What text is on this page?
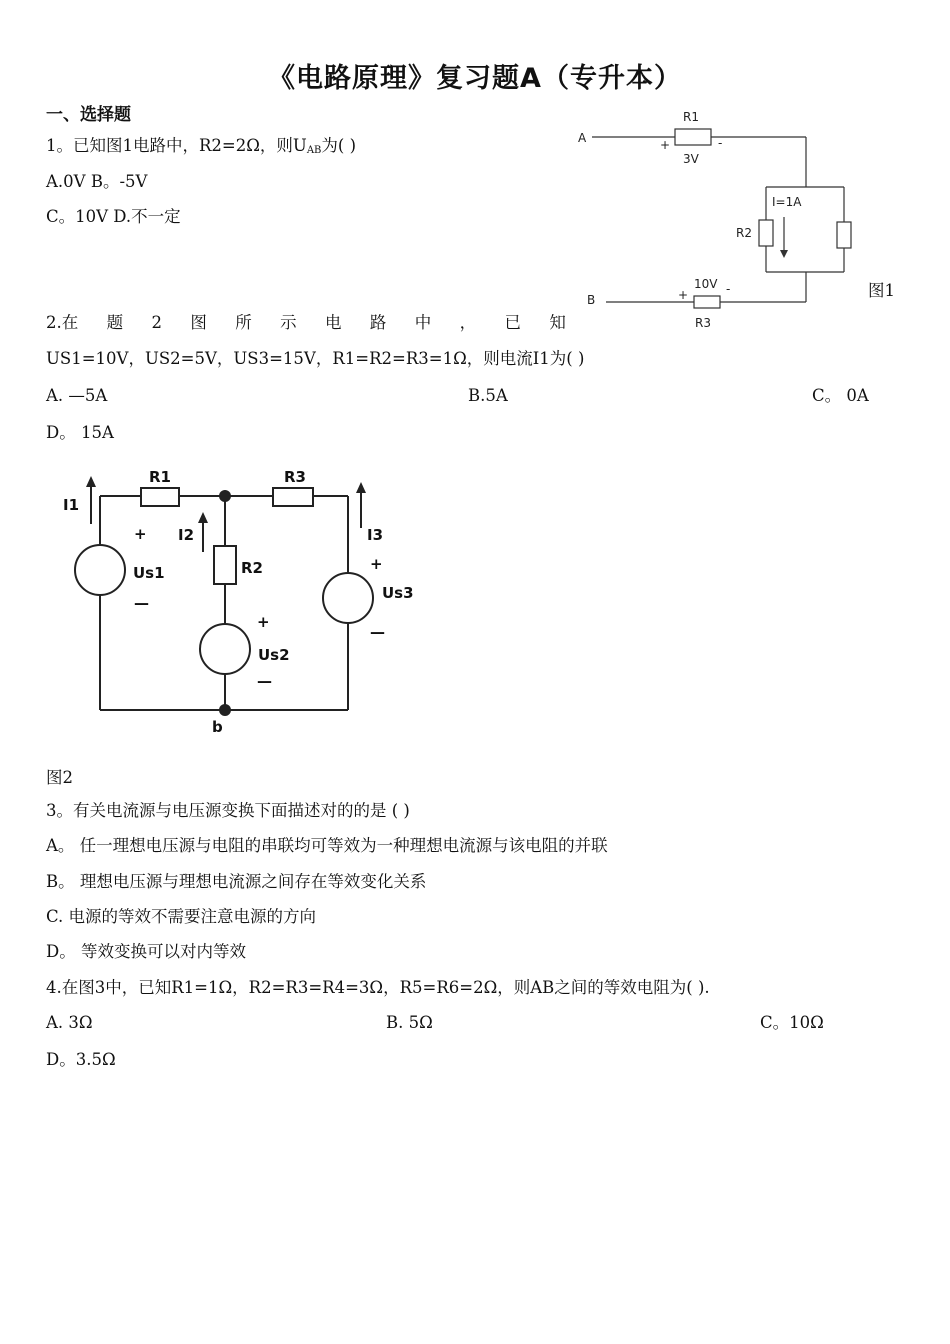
《电路原理》复习题A（专升本）
一、选择题
1。已知图1电路中，R2=2Ω，则$U_{AB}$为( )
A.0V B。-5V
C。10V D.不一定
A
B
R1
3V
+	-
R2
I=1A
10V
+	-
R3
图1
2.在 题 2 图 所 示 电 路 中 ， 已 知
US1=10V，US2=5V，US3=15V，R1=R2=R3=1Ω，则电流I1为( )
A. —5A	B.5A	C。 0A
D。 15A
R1	R3
R2
I1
I2	I3
Us1
Us2
Us3
+
—
+
—
+
—
b
图2
3。有关电流源与电压源变换下面描述对的的是 ( )
A。 任一理想电压源与电阻的串联均可等效为一种理想电流源与该电阻的并联
B。 理想电压源与理想电流源之间存在等效变化关系
C. 电源的等效不需要注意电源的方向
D。 等效变换可以对内等效
4.在图3中，已知R1=1Ω，R2=R3=R4=3Ω，R5=R6=2Ω，则AB之间的等效电阻为( ).
A. 3Ω	B. 5Ω	C。10Ω
D。3.5Ω
